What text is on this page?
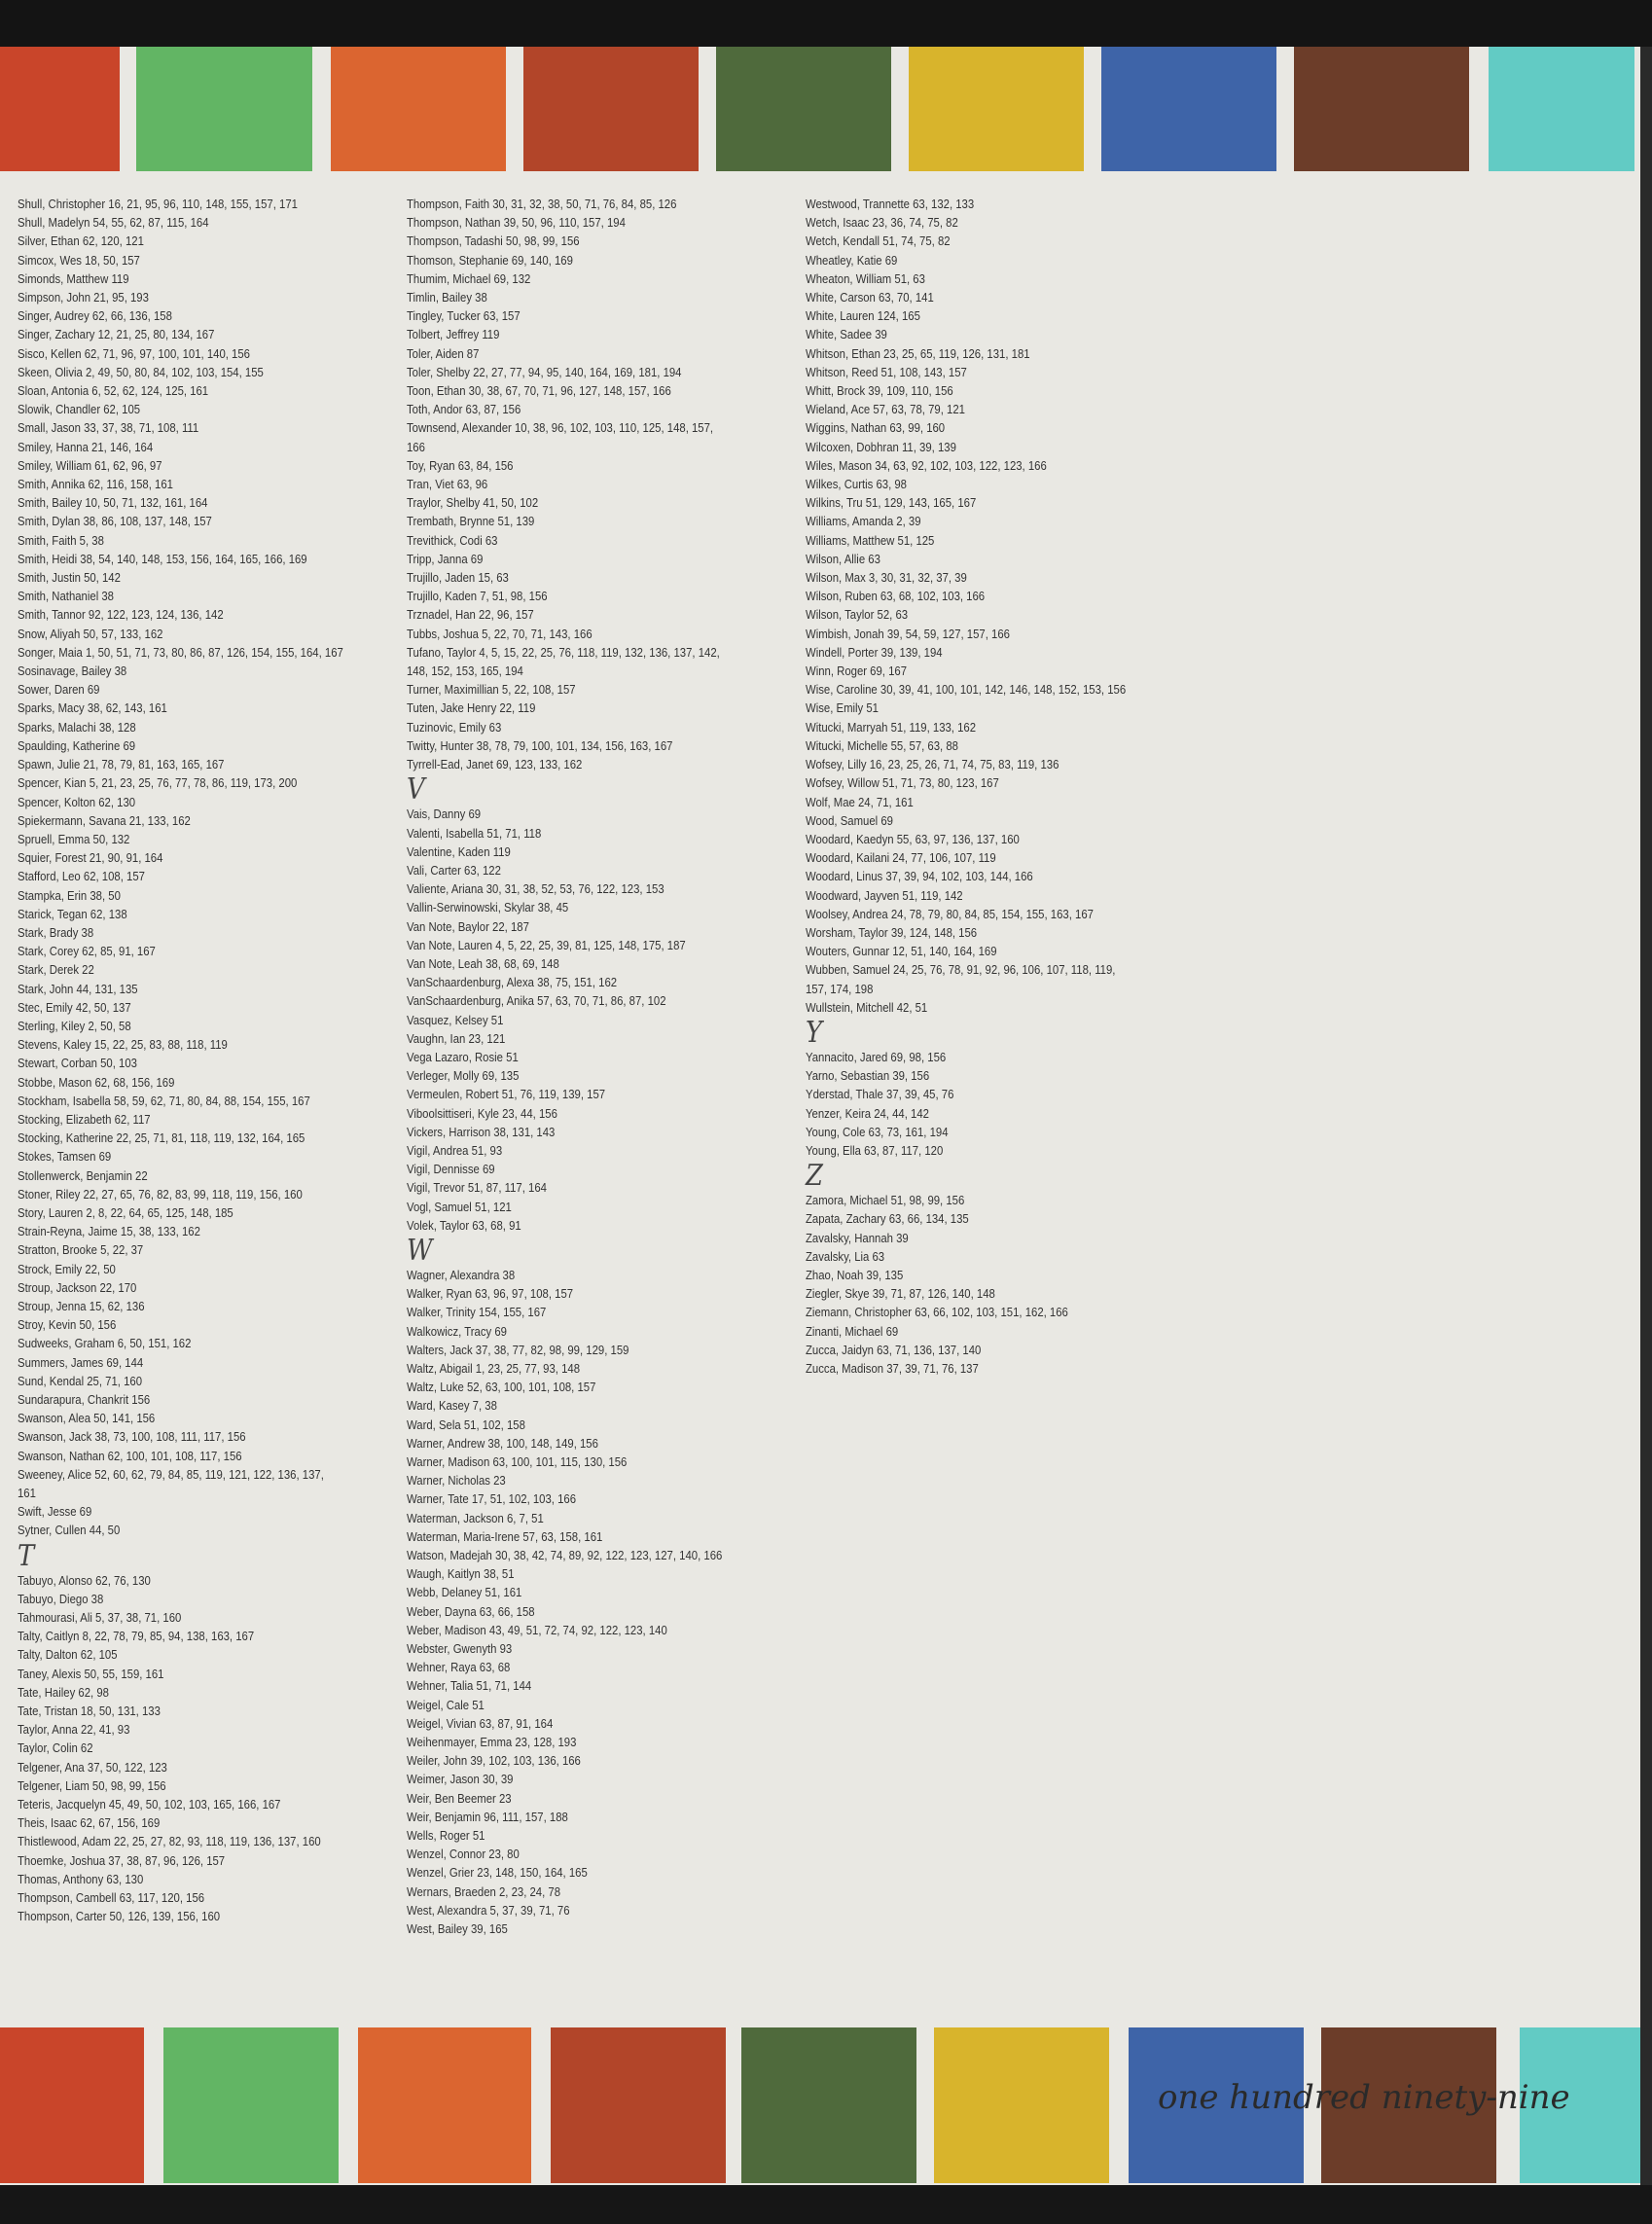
Shull, Christopher 16, 21, 95, 96, 110, 148, 155, 157, 171
Shull, Madelyn 54, 55, 62, 87, 115, 164
Silver, Ethan 62, 120, 121
Simcox, Wes 18, 50, 157
Simonds, Matthew 119
Simpson, John 21, 95, 193
Singer, Audrey 62, 66, 136, 158
Singer, Zachary 12, 21, 25, 80, 134, 167
Sisco, Kellen 62, 71, 96, 97, 100, 101, 140, 156
Skeen, Olivia 2, 49, 50, 80, 84, 102, 103, 154, 155
Sloan, Antonia 6, 52, 62, 124, 125, 161
Slowik, Chandler 62, 105
Small, Jason 33, 37, 38, 71, 108, 111
Smiley, Hanna 21, 146, 164
Smiley, William 61, 62, 96, 97
Smith, Annika 62, 116, 158, 161
Smith, Bailey 10, 50, 71, 132, 161, 164
Smith, Dylan 38, 86, 108, 137, 148, 157
Smith, Faith 5, 38
Smith, Heidi 38, 54, 140, 148, 153, 156, 164, 165, 166, 169
Smith, Justin 50, 142
Smith, Nathaniel 38
Smith, Tannor 92, 122, 123, 124, 136, 142
Snow, Aliyah 50, 57, 133, 162
Songer, Maia 1, 50, 51, 71, 73, 80, 86, 87, 126, 154, 155, 164, 167
Sosinavage, Bailey 38
Sower, Daren 69
Sparks, Macy 38, 62, 143, 161
Sparks, Malachi 38, 128
Spaulding, Katherine 69
Spawn, Julie 21, 78, 79, 81, 163, 165, 167
Spencer, Kian 5, 21, 23, 25, 76, 77, 78, 86, 119, 173, 200
Spencer, Kolton 62, 130
Spiekermann, Savana 21, 133, 162
Spruell, Emma 50, 132
Squier, Forest 21, 90, 91, 164
Stafford, Leo 62, 108, 157
Stampka, Erin 38, 50
Starick, Tegan 62, 138
Stark, Brady 38
Stark, Corey 62, 85, 91, 167
Stark, Derek 22
Stark, John 44, 131, 135
Stec, Emily 42, 50, 137
Sterling, Kiley 2, 50, 58
Stevens, Kaley 15, 22, 25, 83, 88, 118, 119
Stewart, Corban 50, 103
Stobbe, Mason 62, 68, 156, 169
Stockham, Isabella 58, 59, 62, 71, 80, 84, 88, 154, 155, 167
Stocking, Elizabeth 62, 117
Stocking, Katherine 22, 25, 71, 81, 118, 119, 132, 164, 165
Stokes, Tamsen 69
Stollenwerck, Benjamin 22
Stoner, Riley 22, 27, 65, 76, 82, 83, 99, 118, 119, 156, 160
Story, Lauren 2, 8, 22, 64, 65, 125, 148, 185
Strain-Reyna, Jaime 15, 38, 133, 162
Stratton, Brooke 5, 22, 37
Strock, Emily 22, 50
Stroup, Jackson 22, 170
Stroup, Jenna 15, 62, 136
Stroy, Kevin 50, 156
Sudweeks, Graham 6, 50, 151, 162
Summers, James 69, 144
Sund, Kendal 25, 71, 160
Sundarapura, Chankrit 156
Swanson, Alea 50, 141, 156
Swanson, Jack 38, 73, 100, 108, 111, 117, 156
Swanson, Nathan 62, 100, 101, 108, 117, 156
Sweeney, Alice 52, 60, 62, 79, 84, 85, 119, 121, 122, 136, 137,
161
Swift, Jesse 69
Sytner, Cullen 44, 50
T
Tabuyo, Alonso 62, 76, 130
Tabuyo, Diego 38
Tahmourasi, Ali 5, 37, 38, 71, 160
Talty, Caitlyn 8, 22, 78, 79, 85, 94, 138, 163, 167
Talty, Dalton 62, 105
Taney, Alexis 50, 55, 159, 161
Tate, Hailey 62, 98
Tate, Tristan 18, 50, 131, 133
Taylor, Anna 22, 41, 93
Taylor, Colin 62
Telgener, Ana 37, 50, 122, 123
Telgener, Liam 50, 98, 99, 156
Teteris, Jacquelyn 45, 49, 50, 102, 103, 165, 166, 167
Theis, Isaac 62, 67, 156, 169
Thistlewood, Adam 22, 25, 27, 82, 93, 118, 119, 136, 137, 160
Thoemke, Joshua 37, 38, 87, 96, 126, 157
Thomas, Anthony 63, 130
Thompson, Cambell 63, 117, 120, 156
Thompson, Carter 50, 126, 139, 156, 160
Thompson, Faith 30, 31, 32, 38, 50, 71, 76, 84, 85, 126
Thompson, Nathan 39, 50, 96, 110, 157, 194
Thompson, Tadashi 50, 98, 99, 156
Thomson, Stephanie 69, 140, 169
Thumim, Michael 69, 132
Timlin, Bailey 38
Tingley, Tucker 63, 157
Tolbert, Jeffrey 119
Toler, Aiden 87
Toler, Shelby 22, 27, 77, 94, 95, 140, 164, 169, 181, 194
Toon, Ethan 30, 38, 67, 70, 71, 96, 127, 148, 157, 166
Toth, Andor 63, 87, 156
Townsend, Alexander 10, 38, 96, 102, 103, 110, 125, 148, 157,
166
Toy, Ryan 63, 84, 156
Tran, Viet 63, 96
Traylor, Shelby 41, 50, 102
Trembath, Brynne 51, 139
Trevithick, Codi 63
Tripp, Janna 69
Trujillo, Jaden 15, 63
Trujillo, Kaden 7, 51, 98, 156
Trznadel, Han 22, 96, 157
Tubbs, Joshua 5, 22, 70, 71, 143, 166
Tufano, Taylor 4, 5, 15, 22, 25, 76, 118, 119, 132, 136, 137, 142,
148, 152, 153, 165, 194
Turner, Maximillian 5, 22, 108, 157
Tuten, Jake Henry 22, 119
Tuzinovic, Emily 63
Twitty, Hunter 38, 78, 79, 100, 101, 134, 156, 163, 167
Tyrrell-Ead, Janet 69, 123, 133, 162
V
Vais, Danny 69
Valenti, Isabella 51, 71, 118
Valentine, Kaden 119
Vali, Carter 63, 122
Valiente, Ariana 30, 31, 38, 52, 53, 76, 122, 123, 153
Vallin-Serwinowski, Skylar 38, 45
Van Note, Baylor 22, 187
Van Note, Lauren 4, 5, 22, 25, 39, 81, 125, 148, 175, 187
Van Note, Leah 38, 68, 69, 148
VanSchaardenburg, Alexa 38, 75, 151, 162
VanSchaardenburg, Anika 57, 63, 70, 71, 86, 87, 102
Vasquez, Kelsey 51
Vaughn, Ian 23, 121
Vega Lazaro, Rosie 51
Verleger, Molly 69, 135
Vermeulen, Robert 51, 76, 119, 139, 157
Viboolsittiseri, Kyle 23, 44, 156
Vickers, Harrison 38, 131, 143
Vigil, Andrea 51, 93
Vigil, Dennisse 69
Vigil, Trevor 51, 87, 117, 164
Vogl, Samuel 51, 121
Volek, Taylor 63, 68, 91
W
Wagner, Alexandra 38
Walker, Ryan 63, 96, 97, 108, 157
Walker, Trinity 154, 155, 167
Walkowicz, Tracy 69
Walters, Jack 37, 38, 77, 82, 98, 99, 129, 159
Waltz, Abigail 1, 23, 25, 77, 93, 148
Waltz, Luke 52, 63, 100, 101, 108, 157
Ward, Kasey 7, 38
Ward, Sela 51, 102, 158
Warner, Andrew 38, 100, 148, 149, 156
Warner, Madison 63, 100, 101, 115, 130, 156
Warner, Nicholas 23
Warner, Tate 17, 51, 102, 103, 166
Waterman, Jackson 6, 7, 51
Waterman, Maria-Irene 57, 63, 158, 161
Watson, Madejah 30, 38, 42, 74, 89, 92, 122, 123, 127, 140, 166
Waugh, Kaitlyn 38, 51
Webb, Delaney 51, 161
Weber, Dayna 63, 66, 158
Weber, Madison 43, 49, 51, 72, 74, 92, 122, 123, 140
Webster, Gwenyth 93
Wehner, Raya 63, 68
Wehner, Talia 51, 71, 144
Weigel, Cale 51
Weigel, Vivian 63, 87, 91, 164
Weihenmayer, Emma 23, 128, 193
Weiler, John 39, 102, 103, 136, 166
Weimer, Jason 30, 39
Weir, Ben Beemer 23
Weir, Benjamin 96, 111, 157, 188
Wells, Roger 51
Wenzel, Connor 23, 80
Wenzel, Grier 23, 148, 150, 164, 165
Wernars, Braeden 2, 23, 24, 78
West, Alexandra 5, 37, 39, 71, 76
West, Bailey 39, 165
Westwood, Trannette 63, 132, 133
Wetch, Isaac 23, 36, 74, 75, 82
Wetch, Kendall 51, 74, 75, 82
Wheatley, Katie 69
Wheaton, William 51, 63
White, Carson 63, 70, 141
White, Lauren 124, 165
White, Sadee 39
Whitson, Ethan 23, 25, 65, 119, 126, 131, 181
Whitson, Reed 51, 108, 143, 157
Whitt, Brock 39, 109, 110, 156
Wieland, Ace 57, 63, 78, 79, 121
Wiggins, Nathan 63, 99, 160
Wilcoxen, Dobhran 11, 39, 139
Wiles, Mason 34, 63, 92, 102, 103, 122, 123, 166
Wilkes, Curtis 63, 98
Wilkins, Tru 51, 129, 143, 165, 167
Williams, Amanda 2, 39
Williams, Matthew 51, 125
Wilson, Allie 63
Wilson, Max 3, 30, 31, 32, 37, 39
Wilson, Ruben 63, 68, 102, 103, 166
Wilson, Taylor 52, 63
Wimbish, Jonah 39, 54, 59, 127, 157, 166
Windell, Porter 39, 139, 194
Winn, Roger 69, 167
Wise, Caroline 30, 39, 41, 100, 101, 142, 146, 148, 152, 153, 156
Wise, Emily 51
Witucki, Marryah 51, 119, 133, 162
Witucki, Michelle 55, 57, 63, 88
Wofsey, Lilly 16, 23, 25, 26, 71, 74, 75, 83, 119, 136
Wofsey, Willow 51, 71, 73, 80, 123, 167
Wolf, Mae 24, 71, 161
Wood, Samuel 69
Woodard, Kaedyn 55, 63, 97, 136, 137, 160
Woodard, Kailani 24, 77, 106, 107, 119
Woodard, Linus 37, 39, 94, 102, 103, 144, 166
Woodward, Jayven 51, 119, 142
Woolsey, Andrea 24, 78, 79, 80, 84, 85, 154, 155, 163, 167
Worsham, Taylor 39, 124, 148, 156
Wouters, Gunnar 12, 51, 140, 164, 169
Wubben, Samuel 24, 25, 76, 78, 91, 92, 96, 106, 107, 118, 119,
157, 174, 198
Wullstein, Mitchell 42, 51
Y
Yannacito, Jared 69, 98, 156
Yarno, Sebastian 39, 156
Yderstad, Thale 37, 39, 45, 76
Yenzer, Keira 24, 44, 142
Young, Cole 63, 73, 161, 194
Young, Ella 63, 87, 117, 120
Z
Zamora, Michael 51, 98, 99, 156
Zapata, Zachary 63, 66, 134, 135
Zavalsky, Hannah 39
Zavalsky, Lia 63
Zhao, Noah 39, 135
Ziegler, Skye 39, 71, 87, 126, 140, 148
Ziemann, Christopher 63, 66, 102, 103, 151, 162, 166
Zinanti, Michael 69
Zucca, Jaidyn 63, 71, 136, 137, 140
Zucca, Madison 37, 39, 71, 76, 137
one hundred ninety-nine
